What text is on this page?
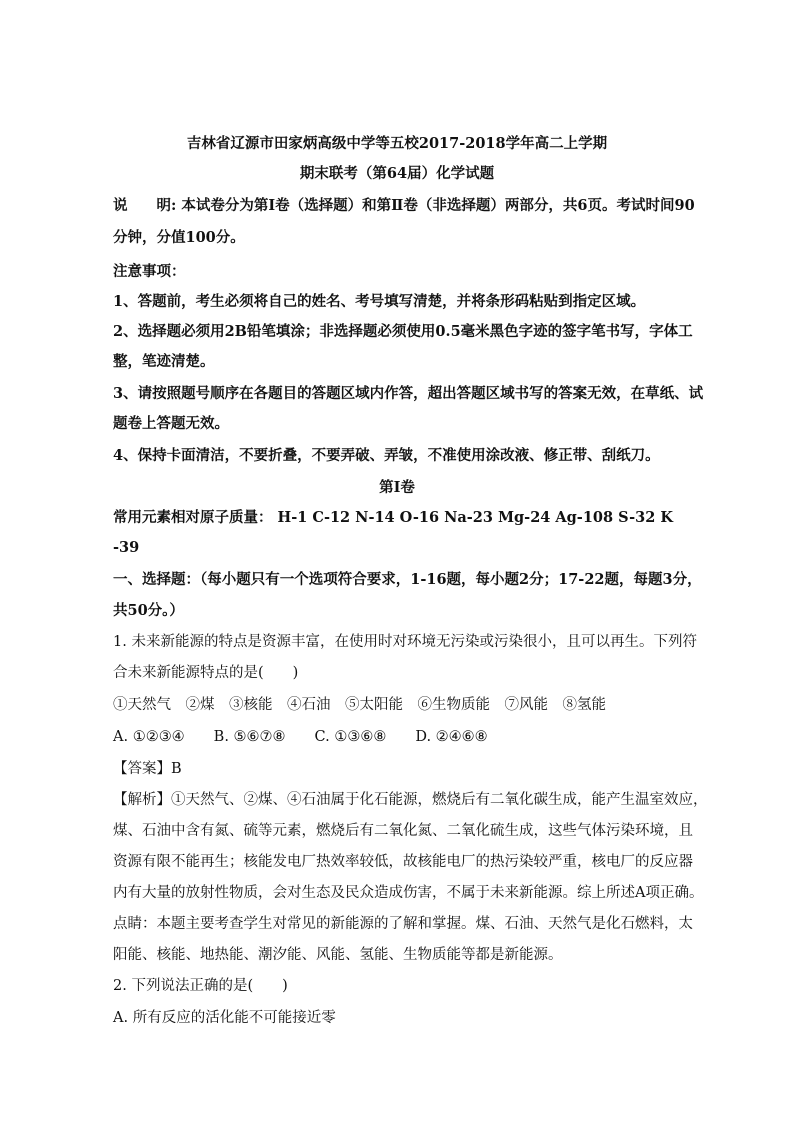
吉林省辽源市田家炳高级中学等五校2017-2018学年高二上学期
期末联考（第64届）化学试题
说　　明: 本试卷分为第Ⅰ卷（选择题）和第Ⅱ卷（非选择题）两部分，共6页。考试时间90
分钟，分值100分。
注意事项：
1、答题前，考生必须将自己的姓名、考号填写清楚，并将条形码粘贴到指定区域。
2、选择题必须用2B铅笔填涂；非选择题必须使用0.5毫米黑色字迹的签字笔书写，字体工
整，笔迹清楚。
3、请按照题号顺序在各题目的答题区域内作答，超出答题区域书写的答案无效，在草纸、试
题卷上答题无效。
4、保持卡面清洁，不要折叠，不要弄破、弄皱，不准使用涂改液、修正带、刮纸刀。
第Ⅰ卷
常用元素相对原子质量： H-1 C-12 N-14 O-16 Na-23 Mg-24 Ag-108 S-32 K
-39
一、选择题：（每小题只有一个选项符合要求，1-16题，每小题2分；17-22题，每题3分，
共50分。）
1. 未来新能源的特点是资源丰富，在使用时对环境无污染或污染很小，且可以再生。下列符
合未来新能源特点的是(　　)
①天然气　②煤　③核能　④石油　⑤太阳能　⑥生物质能　⑦风能　⑧氢能
A. ①②③④　　B. ⑤⑥⑦⑧　　C. ①③⑥⑧　　D. ②④⑥⑧
【答案】B
【解析】①天然气、②煤、④石油属于化石能源，燃烧后有二氧化碳生成，能产生温室效应，
煤、石油中含有氮、硫等元素，燃烧后有二氧化氮、二氧化硫生成，这些气体污染环境，且
资源有限不能再生；核能发电厂热效率较低，故核能电厂的热污染较严重，核电厂的反应器
内有大量的放射性物质，会对生态及民众造成伤害，不属于未来新能源。综上所述A项正确。
点睛：本题主要考查学生对常见的新能源的了解和掌握。煤、石油、天然气是化石燃料，太
阳能、核能、地热能、潮汐能、风能、氢能、生物质能等都是新能源。
2. 下列说法正确的是(　　)
A. 所有反应的活化能不可能接近零
